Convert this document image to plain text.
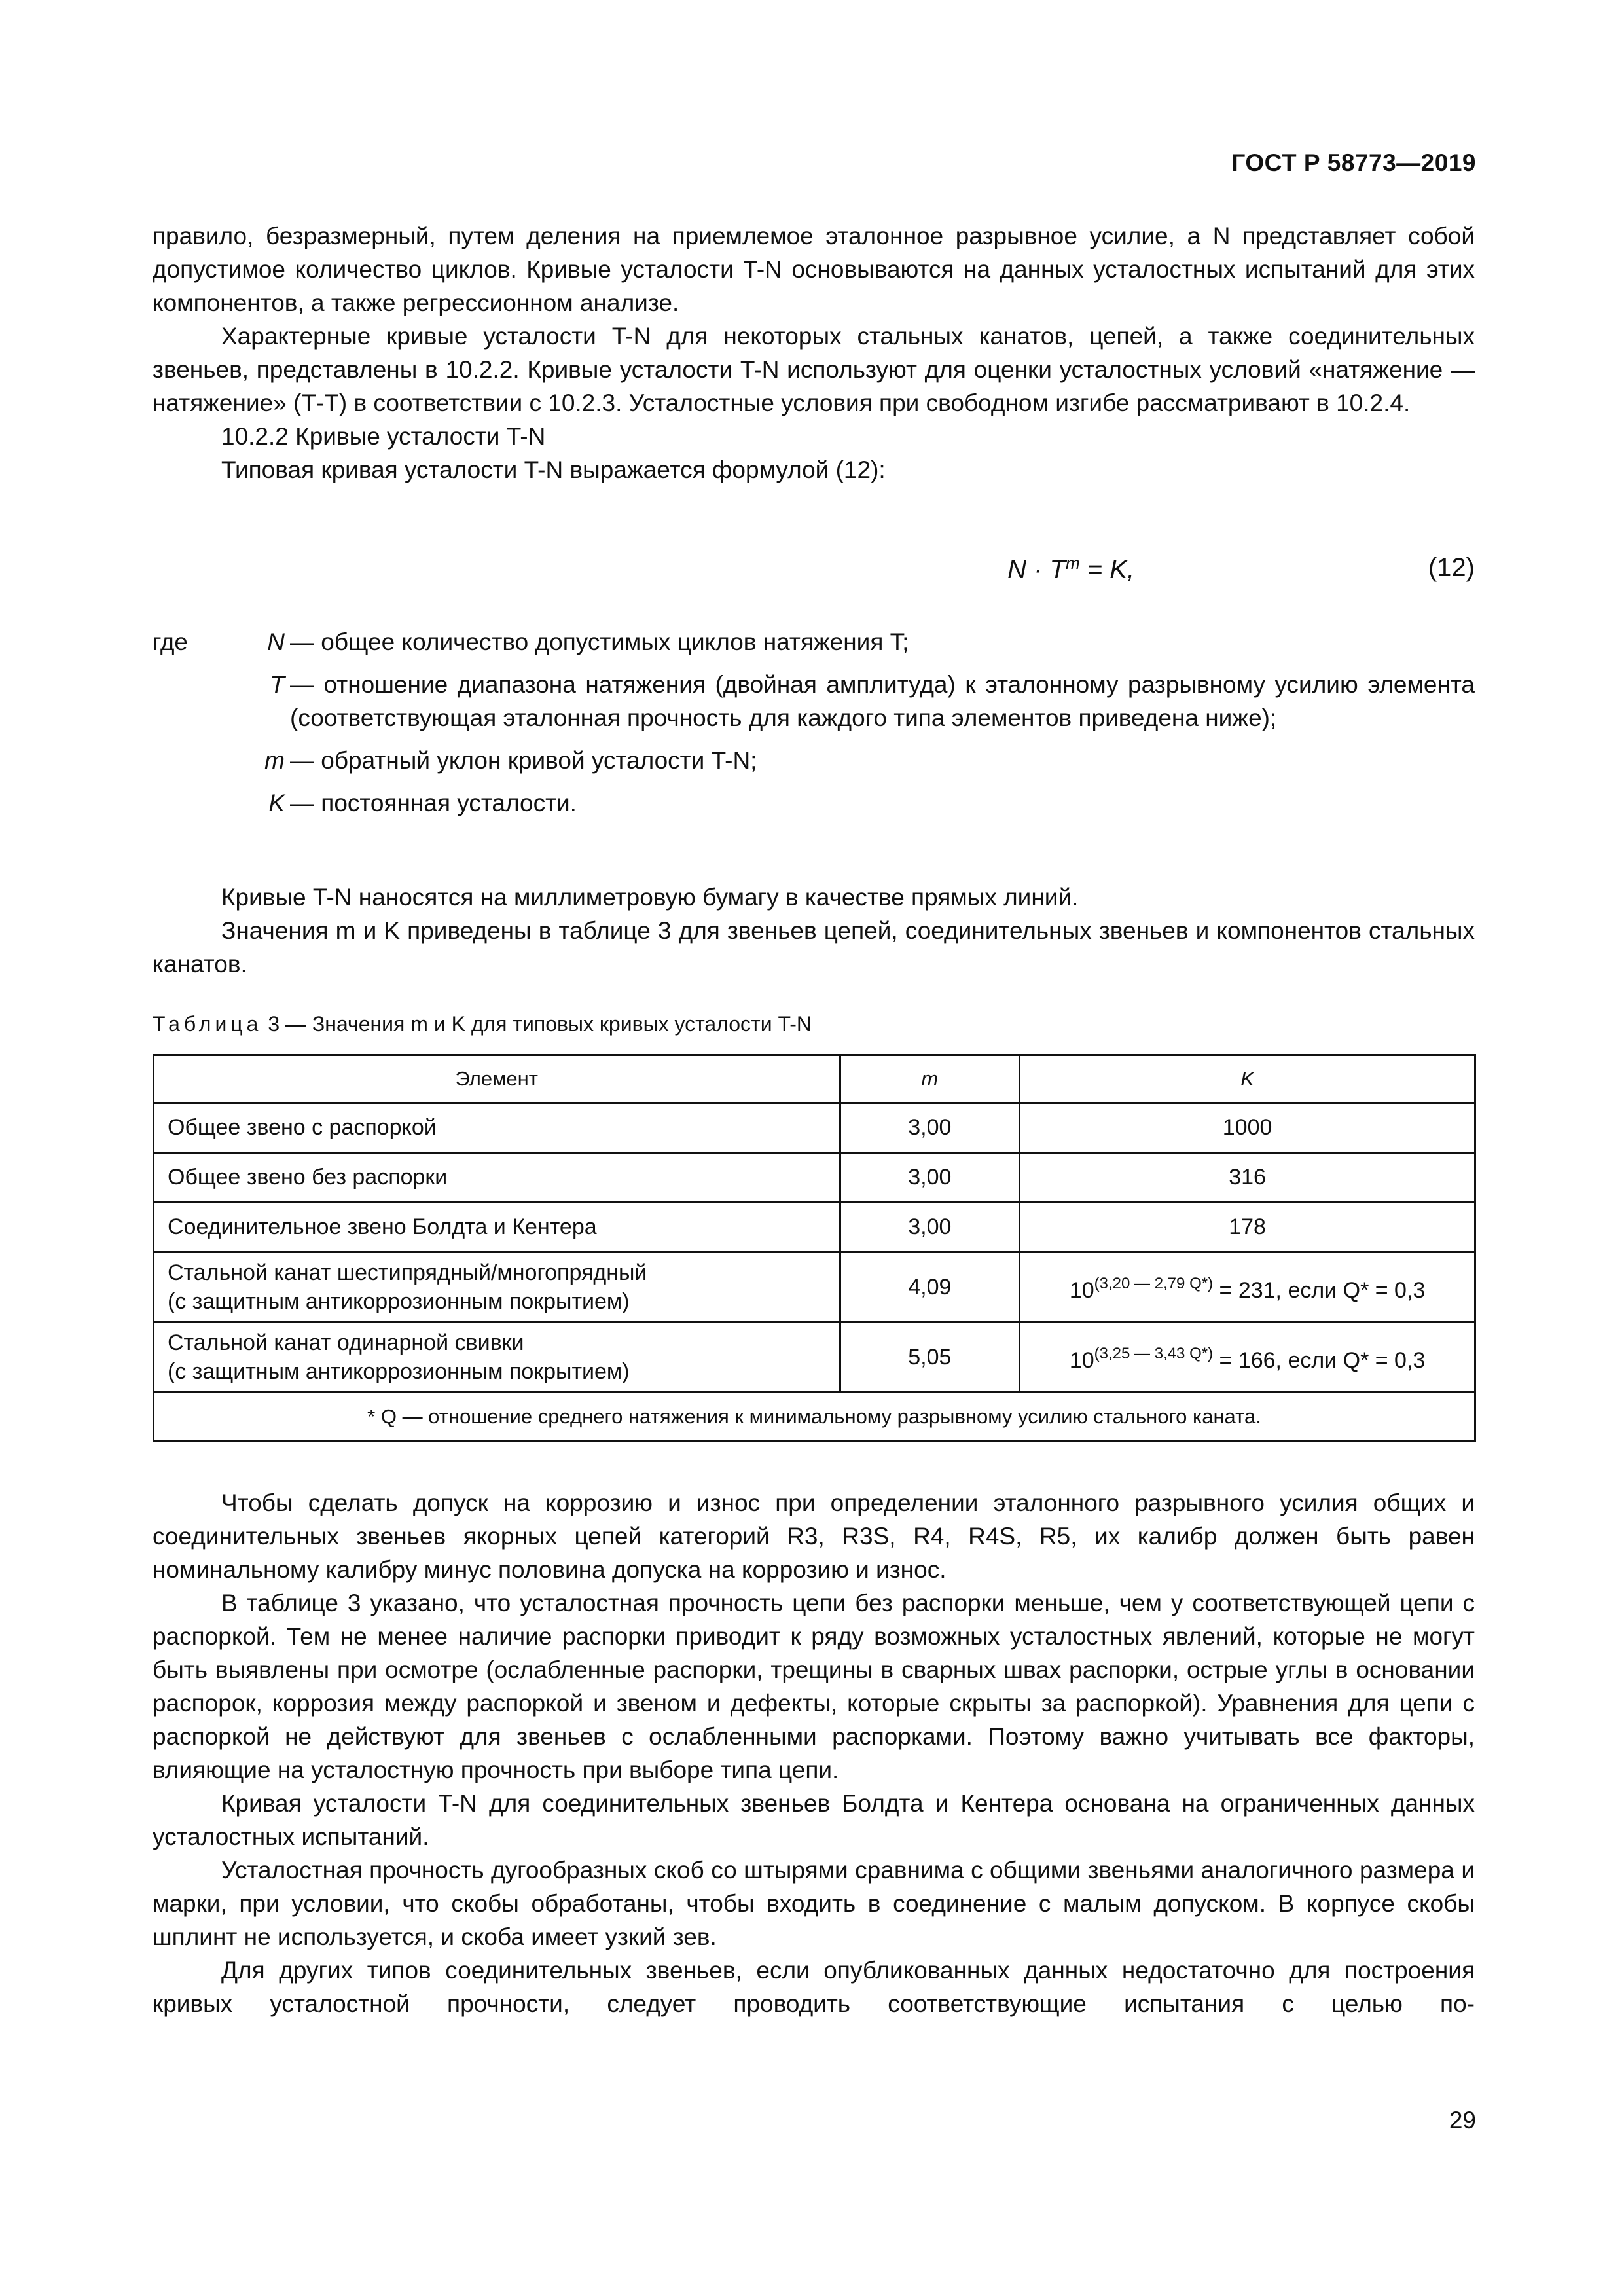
ГОСТ Р 58773—2019

правило, безразмерный, путем деления на приемлемое эталонное разрывное усилие, а N представляет собой допустимое количество циклов. Кривые усталости T-N основываются на данных усталостных испытаний для этих компонентов, а также регрессионном анализе.

Характерные кривые усталости T-N для некоторых стальных канатов, цепей, а также соединительных звеньев, представлены в 10.2.2. Кривые усталости T-N используют для оценки усталостных условий «натяжение — натяжение» (Т-Т) в соответствии с 10.2.3. Усталостные условия при свободном изгибе рассматривают в 10.2.4.

10.2.2 Кривые усталости T-N

Типовая кривая усталости T-N выражается формулой (12):

$N \cdot T^m = K$,	(12)
где	N — общее количество допустимых циклов натяжения T;
T — отношение диапазона натяжения (двойная амплитуда) к эталонному разрывному усилию элемента (соответствующая эталонная прочность для каждого типа элементов приведена ниже);
m — обратный уклон кривой усталости T-N;
K — постоянная усталости.

Кривые T-N наносятся на миллиметровую бумагу в качестве прямых линий.

Значения m и K приведены в таблице 3 для звеньев цепей, соединительных звеньев и компонентов стальных канатов.

Таблица 3 — Значения m и K для типовых кривых усталости T-N
Элемент	m	K
Общее звено с распоркой	3,00	1000
Общее звено без распорки	3,00	316
Соединительное звено Болдта и Кентера	3,00	178

Стальной канат шестипрядный/многопрядный
(с защитным антикоррозионным покрытием)	4,09	$10^{(3,20 — 2,79 Q*)} = 231$, если Q* = 0,3

Стальной канат одинарной свивки
(с защитным антикоррозионным покрытием)	5,05	$10^{(3,25 — 3,43 Q*)} = 166$, если Q* = 0,3
* Q — отношение среднего натяжения к минимальному разрывному усилию стального каната.		

Чтобы сделать допуск на коррозию и износ при определении эталонного разрывного усилия общих и соединительных звеньев якорных цепей категорий R3, R3S, R4, R4S, R5, их калибр должен быть равен номинальному калибру минус половина допуска на коррозию и износ.

В таблице 3 указано, что усталостная прочность цепи без распорки меньше, чем у соответствующей цепи с распоркой. Тем не менее наличие распорки приводит к ряду возможных усталостных явлений, которые не могут быть выявлены при осмотре (ослабленные распорки, трещины в сварных швах распорки, острые углы в основании распорок, коррозия между распоркой и звеном и дефекты, которые скрыты за распоркой). Уравнения для цепи с распоркой не действуют для звеньев с ослабленными распорками. Поэтому важно учитывать все факторы, влияющие на усталостную прочность при выборе типа цепи.

Кривая усталости T-N для соединительных звеньев Болдта и Кентера основана на ограниченных данных усталостных испытаний.

Усталостная прочность дугообразных скоб со штырями сравнима с общими звеньями аналогичного размера и марки, при условии, что скобы обработаны, чтобы входить в соединение с малым допуском. В корпусе скобы шплинт не используется, и скоба имеет узкий зев.

Для других типов соединительных звеньев, если опубликованных данных недостаточно для построения кривых усталостной прочности, следует проводить соответствующие испытания с целью по-

29
